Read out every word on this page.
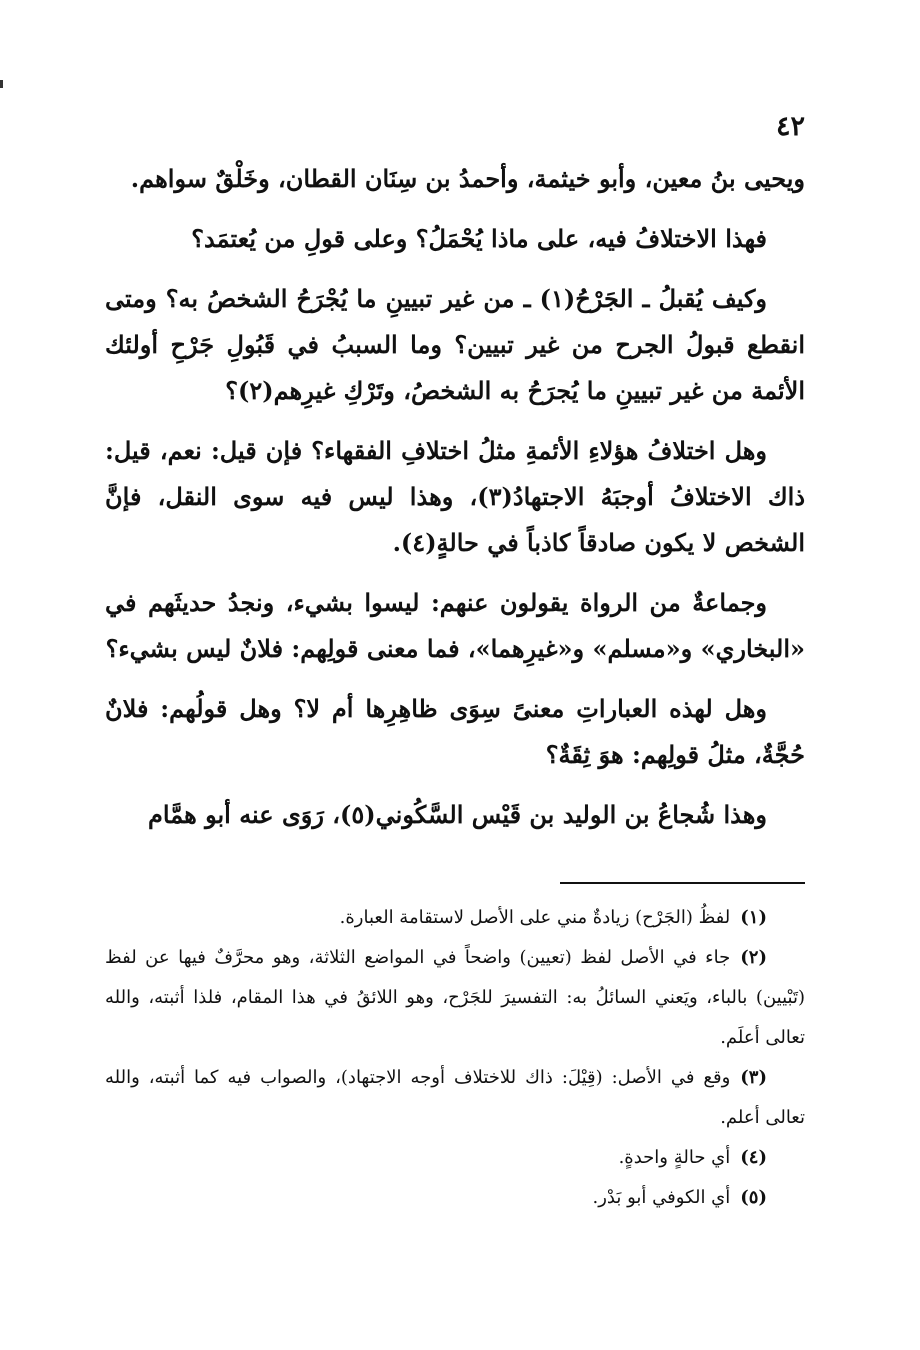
٤٢

ويحيى بنُ معين، وأبو خيثمة، وأحمدُ بن سِنَان القطان، وخَلْقٌ سواهم.

فهذا الاختلافُ فيه، على ماذا يُحْمَلُ؟ وعلى قولِ من يُعتمَد؟

وكيف يُقبلُ ـ الجَرْحُ(١) ـ من غير تبيينِ ما يُجْرَحُ الشخصُ به؟ ومتى انقطع قبولُ الجرح من غير تبيين؟ وما السببُ في قَبُولِ جَرْحِ أولئك الأئمة من غير تبيينِ ما يُجرَحُ به الشخصُ، وتَرْكِ غيرِهم(٢)؟

وهل اختلافُ هؤلاءِ الأئمةِ مثلُ اختلافِ الفقهاء؟ فإن قيل: نعم، قيل: ذاك الاختلافُ أوجبَهُ الاجتهادُ(٣)، وهذا ليس فيه سوى النقل، فإنَّ الشخص لا يكون صادقاً كاذباً في حالةٍ(٤).

وجماعةٌ من الرواة يقولون عنهم: ليسوا بشيء، ونجدُ حديثَهم في «البخاري» و«مسلم» و«غيرِهما»، فما معنى قولِهم: فلانٌ ليس بشيء؟

وهل لهذه العباراتِ معنىً سِوَى ظاهِرِها أم لا؟ وهل قولُهم: فلانٌ حُجَّةٌ، مثلُ قولِهم: هوَ ثِقَةٌ؟

وهذا شُجاعُ بن الوليد بن قَيْس السَّكُوني(٥)، رَوَى عنه أبو همَّام

(١)لفظُ (الجَرْح) زيادةٌ مني على الأصل لاستقامة العبارة.

(٢)جاء في الأصل لفظ (تعيين) واضحاً في المواضع الثلاثة، وهو محرَّفٌ فيها عن لفظ (تَبْيين) بالباء، ويَعني السائلُ به: التفسيرَ للجَرْح، وهو اللائقُ في هذا المقام، فلذا أثبته، والله تعالى أعلَم.

(٣)وقع في الأصل: (قِيْلَ: ذاك للاختلاف أوجه الاجتهاد)، والصواب فيه كما أثبته، والله تعالى أعلم.

(٤)أي حالةٍ واحدةٍ.

(٥)أي الكوفي أبو بَدْر.
